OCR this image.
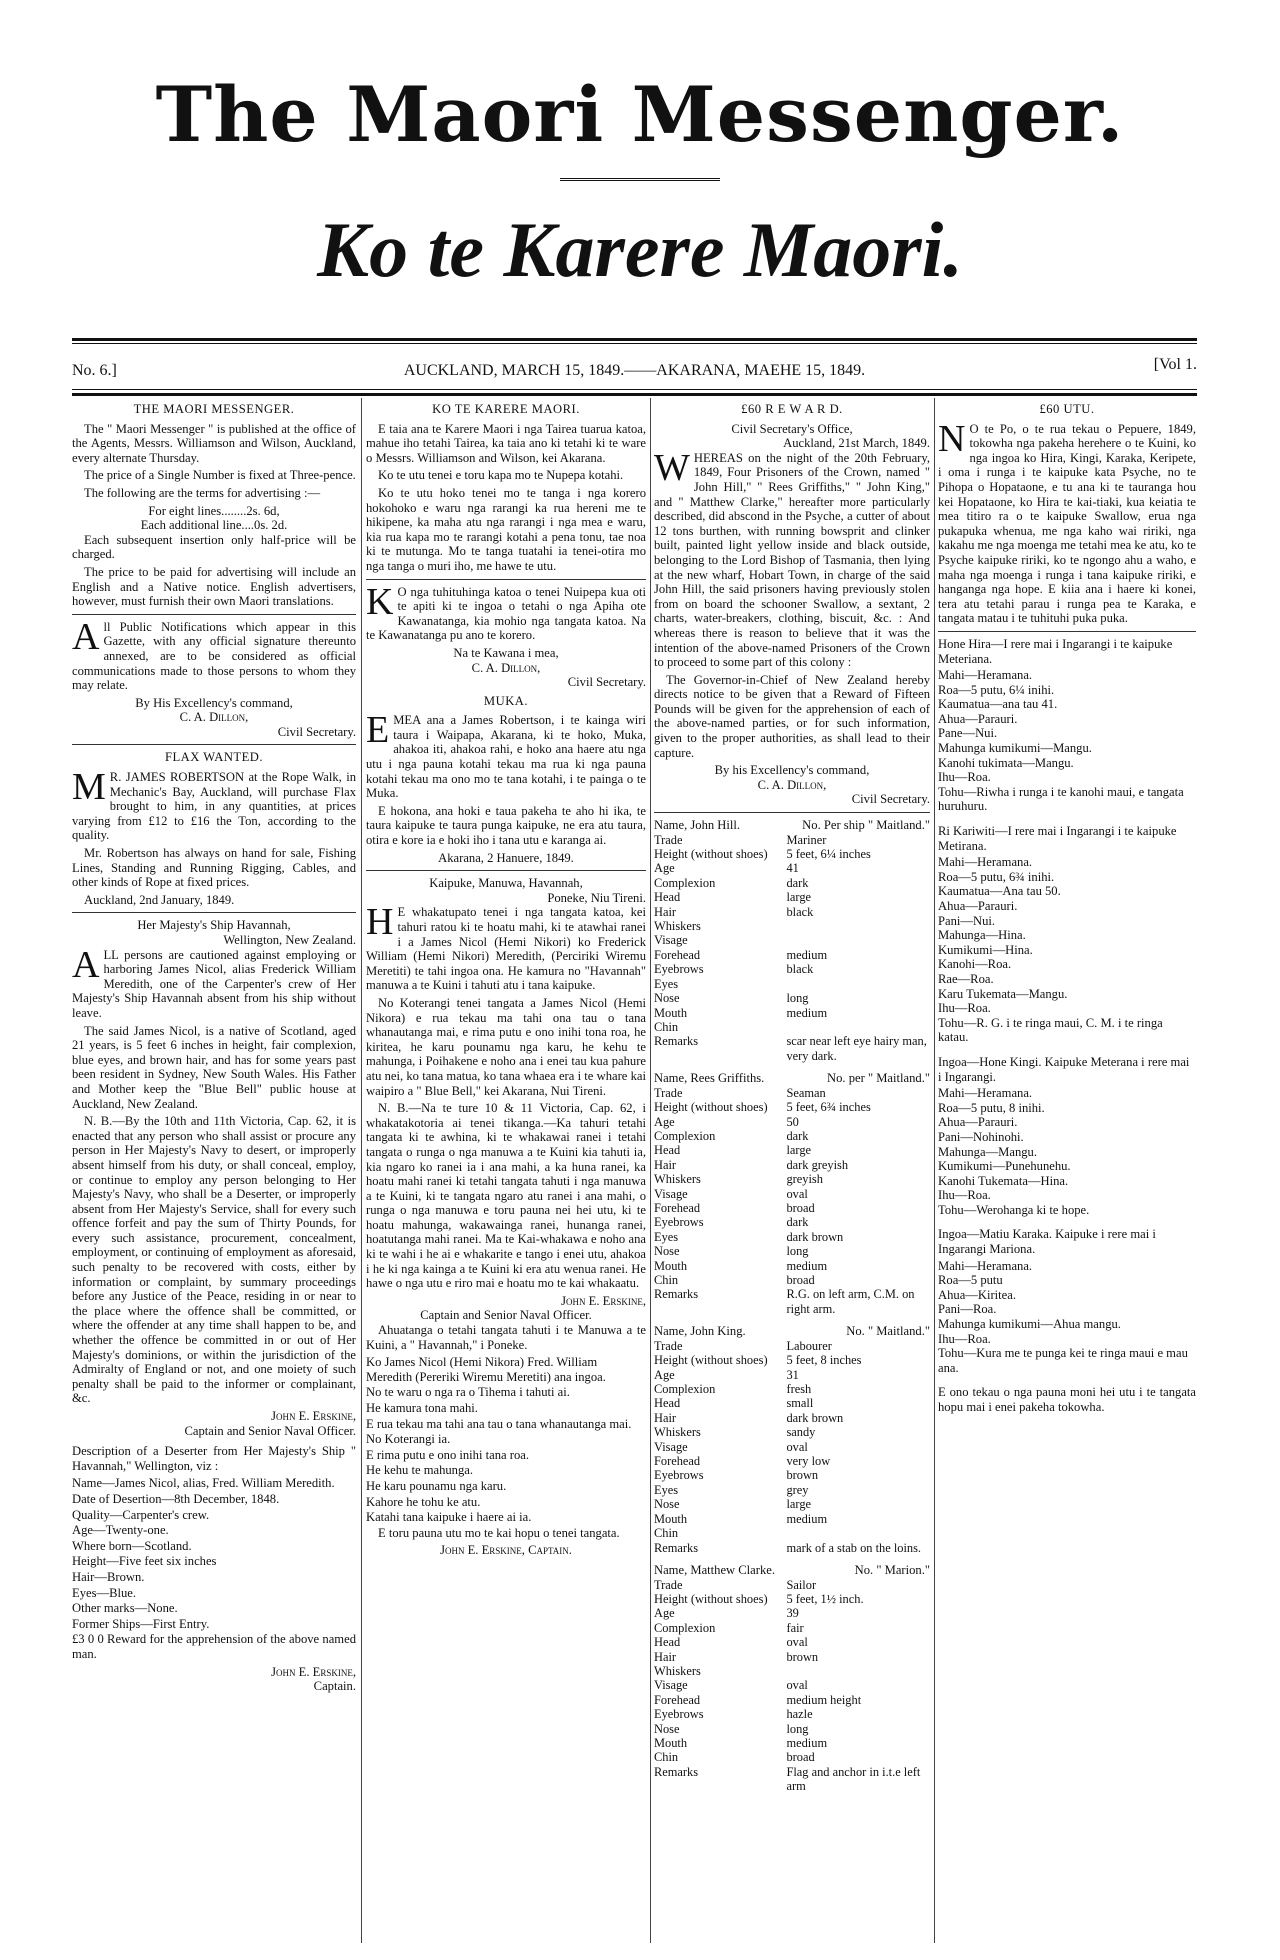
The Maori Messenger.
Ko te Karere Maori.
No. 6.]	AUCKLAND, MARCH 15, 1849.——AKARANA, MAEHE 15, 1849.	[Vol 1.
THE MAORI MESSENGER.

The " Maori Messenger " is published at the office of the Agents, Messrs. Williamson and Wilson, Auckland, every alternate Thursday.

The price of a Single Number is fixed at Three-pence.

The following are the terms for advertising :—

For eight lines........2s. 6d,
Each additional line....0s. 2d.

Each subsequent insertion only half-price will be charged.

The price to be paid for advertising will include an English and a Native notice. English advertisers, however, must furnish their own Maori translations.

All Public Notifications which appear in this Gazette, with any official signature thereunto annexed, are to be considered as official communications made to those persons to whom they may relate.

By His Excellency's command,
C. A. Dillon,
Civil Secretary.
FLAX WANTED.

MR. JAMES ROBERTSON at the Rope Walk, in Mechanic's Bay, Auckland, will purchase Flax brought to him, in any quantities, at prices varying from £12 to £16 the Ton, according to the quality.

Mr. Robertson has always on hand for sale, Fishing Lines, Standing and Running Rigging, Cables, and other kinds of Rope at fixed prices.

Auckland, 2nd January, 1849.

Her Majesty's Ship Havannah,
Wellington, New Zealand.

ALL persons are cautioned against employing or harboring James Nicol, alias Frederick William Meredith, one of the Carpenter's crew of Her Majesty's Ship Havannah absent from his ship without leave.

The said James Nicol, is a native of Scotland, aged 21 years, is 5 feet 6 inches in height, fair complexion, blue eyes, and brown hair, and has for some years past been resident in Sydney, New South Wales. His Father and Mother keep the "Blue Bell" public house at Auckland, New Zealand.

N. B.—By the 10th and 11th Victoria, Cap. 62, it is enacted that any person who shall assist or procure any person in Her Majesty's Navy to desert, or improperly absent himself from his duty, or shall conceal, employ, or continue to employ any person belonging to Her Majesty's Navy, who shall be a Deserter, or improperly absent from Her Majesty's Service, shall for every such offence forfeit and pay the sum of Thirty Pounds, for every such assistance, procurement, concealment, employment, or continuing of employment as aforesaid, such penalty to be recovered with costs, either by information or complaint, by summary proceedings before any Justice of the Peace, residing in or near to the place where the offence shall be committed, or where the offender at any time shall happen to be, and whether the offence be committed in or out of Her Majesty's dominions, or within the jurisdiction of the Admiralty of England or not, and one moiety of such penalty shall be paid to the informer or complainant, &c.

John E. Erskine,
Captain and Senior Naval Officer.

Description of a Deserter from Her Majesty's Ship " Havannah," Wellington, viz :

Name—James Nicol, alias, Fred. William Meredith.
Date of Desertion—8th December, 1848.
Quality—Carpenter's crew.
Age—Twenty-one.
Where born—Scotland.
Height—Five feet six inches
Hair—Brown.
Eyes—Blue.
Other marks—None.
Former Ships—First Entry.

£3 0 0 Reward for the apprehension of the above named man.

John E. Erskine,
Captain.
KO TE KARERE MAORI.

E taia ana te Karere Maori i nga Tairea tuarua katoa, mahue iho tetahi Tairea, ka taia ano ki tetahi ki te ware o Messrs. Williamson and Wilson, kei Akarana.

Ko te utu tenei e toru kapa mo te Nupepa kotahi.

Ko te utu hoko tenei mo te tanga i nga korero hokohoko e waru nga rarangi ka rua hereni me te hikipene, ka maha atu nga rarangi i nga mea e waru, kia rua kapa mo te rarangi kotahi a pena tonu, tae noa ki te mutunga. Mo te tanga tuatahi ia tenei-otira mo nga tanga o muri iho, me hawe te utu.

KO nga tuhituhinga katoa o tenei Nuipepa kua oti te apiti ki te ingoa o tetahi o nga Apiha ote Kawanatanga, kia mohio nga tangata katoa. Na te Kawanatanga pu ano te korero.

Na te Kawana i mea,
C. A. Dillon,
Civil Secretary.
MUKA.

EMEA ana a James Robertson, i te kainga wiri taura i Waipapa, Akarana, ki te hoko, Muka, ahakoa iti, ahakoa rahi, e hoko ana haere atu nga utu i nga pauna kotahi tekau ma rua ki nga pauna kotahi tekau ma ono mo te tana kotahi, i te painga o te Muka.

E hokona, ana hoki e taua pakeha te aho hi ika, te taura kaipuke te taura punga kaipuke, ne era atu taura, otira e kore ia e hoki iho i tana utu e karanga ai.

Akarana, 2 Hanuere, 1849.
Kaipuke, Manuwa, Havannah,
Poneke, Niu Tireni.

HE whakatupato tenei i nga tangata katoa, kei tahuri ratou ki te hoatu mahi, ki te atawhai ranei i a James Nicol (Hemi Nikori) ko Frederick William (Hemi Nikori) Meredith, (Perciriki Wiremu Meretiti) te tahi ingoa ona. He kamura no "Havannah" manuwa a te Kuini i tahuti atu i tana kaipuke.

No Koterangi tenei tangata a James Nicol (Hemi Nikora) e rua tekau ma tahi ona tau o tana whanautanga mai, e rima putu e ono inihi tona roa, he kiritea, he karu pounamu nga karu, he kehu te mahunga, i Poihakene e noho ana i enei tau kua pahure atu nei, ko tana matua, ko tana whaea era i te whare kai waipiro a " Blue Bell," kei Akarana, Nui Tireni.

N. B.—Na te ture 10 & 11 Victoria, Cap. 62, i whakatakotoria ai tenei tikanga.—Ka tahuri tetahi tangata ki te awhina, ki te whakawai ranei i tetahi tangata o runga o nga manuwa a te Kuini kia tahuti ia, kia ngaro ko ranei ia i ana mahi, a ka huna ranei, ka hoatu mahi ranei ki tetahi tangata tahuti i nga manuwa a te Kuini, ki te tangata ngaro atu ranei i ana mahi, o runga o nga manuwa e toru pauna nei hei utu, ki te hoatu mahunga, wakawainga ranei, hunanga ranei, hoatutanga mahi ranei. Ma te Kai-whakawa e noho ana ki te wahi i he ai e whakarite e tango i enei utu, ahakoa i he ki nga kainga a te Kuini ki era atu wenua ranei. He hawe o nga utu e riro mai e hoatu mo te kai whakaatu.

John E. Erskine,
Captain and Senior Naval Officer.

Ahuatanga o tetahi tangata tahuti i te Manuwa a te Kuini, a " Havannah," i Poneke.

Ko James Nicol (Hemi Nikora) Fred. William Meredith (Pereriki Wiremu Meretiti) ana ingoa.
No te waru o nga ra o Tihema i tahuti ai.
He kamura tona mahi.
E rua tekau ma tahi ana tau o tana whanautanga mai.
No Koterangi ia.
E rima putu e ono inihi tana roa.
He kehu te mahunga.
He karu pounamu nga karu.
Kahore he tohu ke atu.
Katahi tana kaipuke i haere ai ia.

E toru pauna utu mo te kai hopu o tenei tangata.

John E. Erskine, Captain.
£60 R E W A R D.
Civil Secretary's Office,
Auckland, 21st March, 1849.

WHEREAS on the night of the 20th February, 1849, Four Prisoners of the Crown, named " John Hill," " Rees Griffiths," " John King," and " Matthew Clarke," hereafter more particularly described, did abscond in the Psyche, a cutter of about 12 tons burthen, with running bowsprit and clinker built, painted light yellow inside and black outside, belonging to the Lord Bishop of Tasmania, then lying at the new wharf, Hobart Town, in charge of the said John Hill, the said prisoners having previously stolen from on board the schooner Swallow, a sextant, 2 charts, water-breakers, clothing, biscuit, &c. : And whereas there is reason to believe that it was the intention of the above-named Prisoners of the Crown to proceed to some part of this colony :

The Governor-in-Chief of New Zealand hereby directs notice to be given that a Reward of Fifteen Pounds will be given for the apprehension of each of the above-named parties, or for such information, given to the proper authorities, as shall lead to their capture.

By his Excellency's command,
C. A. Dillon,
Civil Secretary.
Name, John Hill.	No. Per ship " Maitland."
Trade	Mariner
Height (without shoes)	5 feet, 6¼ inches
Age	41
Complexion	dark
Head	large
Hair	black
Whiskers	
Visage	
Forehead	medium
Eyebrows	black
Eyes	
Nose	long
Mouth	medium
Chin	
Remarks	scar near left eye hairy man, very dark.
Name, Rees Griffiths.	No. per " Maitland."
Trade	Seaman
Height (without shoes)	5 feet, 6¾ inches
Age	50
Complexion	dark
Head	large
Hair	dark greyish
Whiskers	greyish
Visage	oval
Forehead	broad
Eyebrows	dark
Eyes	dark brown
Nose	long
Mouth	medium
Chin	broad
Remarks	R.G. on left arm, C.M. on right arm.
Name, John King.	No. " Maitland."
Trade	Labourer
Height (without shoes)	5 feet, 8 inches
Age	31
Complexion	fresh
Head	small
Hair	dark brown
Whiskers	sandy
Visage	oval
Forehead	very low
Eyebrows	brown
Eyes	grey
Nose	large
Mouth	medium
Chin	
Remarks	mark of a stab on the loins.
Name, Matthew Clarke.	No. " Marion."
Trade	Sailor
Height (without shoes)	5 feet, 1½ inch.
Age	39
Complexion	fair
Head	oval
Hair	brown
Whiskers	
Visage	oval
Forehead	medium height
Eyebrows	hazle
Nose	long
Mouth	medium
Chin	broad
Remarks	Flag and anchor in i.t.e left arm
£60 UTU.

NO te Po, o te rua tekau o Pepuere, 1849, tokowha nga pakeha herehere o te Kuini, ko nga ingoa ko Hira, Kingi, Karaka, Keripete, i oma i runga i te kaipuke kata Psyche, no te Pihopa o Hopataone, e tu ana ki te tauranga hou kei Hopataone, ko Hira te kai-tiaki, kua keiatia te mea titiro ra o te kaipuke Swallow, erua nga pukapuka whenua, me nga kaho wai ririki, nga kakahu me nga moenga me tetahi mea ke atu, ko te Psyche kaipuke ririki, ko te ngongo ahu a waho, e maha nga moenga i runga i tana kaipuke ririki, e hanganga nga hope. E kiia ana i haere ki konei, tera atu tetahi parau i runga pea te Karaka, e tangata matau i te tuhituhi puka puka.

Hone Hira—I rere mai i Ingarangi i te kaipuke Meteriana.
Mahi—Heramana.
Roa—5 putu, 6¼ inihi.
Kaumatua—ana tau 41.
Ahua—Parauri.
Pane—Nui.
Mahunga kumikumi—Mangu.
Kanohi tukimata—Mangu.
Ihu—Roa.
Tohu—Riwha i runga i te kanohi maui, e tangata huruhuru.
Ri Kariwiti—I rere mai i Ingarangi i te kaipuke Metirana.
Mahi—Heramana.
Roa—5 putu, 6¾ inihi.
Kaumatua—Ana tau 50.
Ahua—Parauri.
Pani—Nui.
Mahunga—Hina.
Kumikumi—Hina.
Kanohi—Roa.
Rae—Roa.
Karu Tukemata—Mangu.
Ihu—Roa.
Tohu—R. G. i te ringa maui, C. M. i te ringa katau.
Ingoa—Hone Kingi. Kaipuke Meterana i rere mai i Ingarangi.
Mahi—Heramana.
Roa—5 putu, 8 inihi.
Ahua—Parauri.
Pani—Nohinohi.
Mahunga—Mangu.
Kumikumi—Punehunehu.
Kanohi Tukemata—Hina.
Ihu—Roa.
Tohu—Werohanga ki te hope.
Ingoa—Matiu Karaka. Kaipuke i rere mai i Ingarangi Mariona.
Mahi—Heramana.
Roa—5 putu
Ahua—Kiritea.
Pani—Roa.
Mahunga kumikumi—Ahua mangu.
Ihu—Roa.
Tohu—Kura me te punga kei te ringa maui e mau ana.

E ono tekau o nga pauna moni hei utu i te tangata hopu mai i enei pakeha tokowha.
